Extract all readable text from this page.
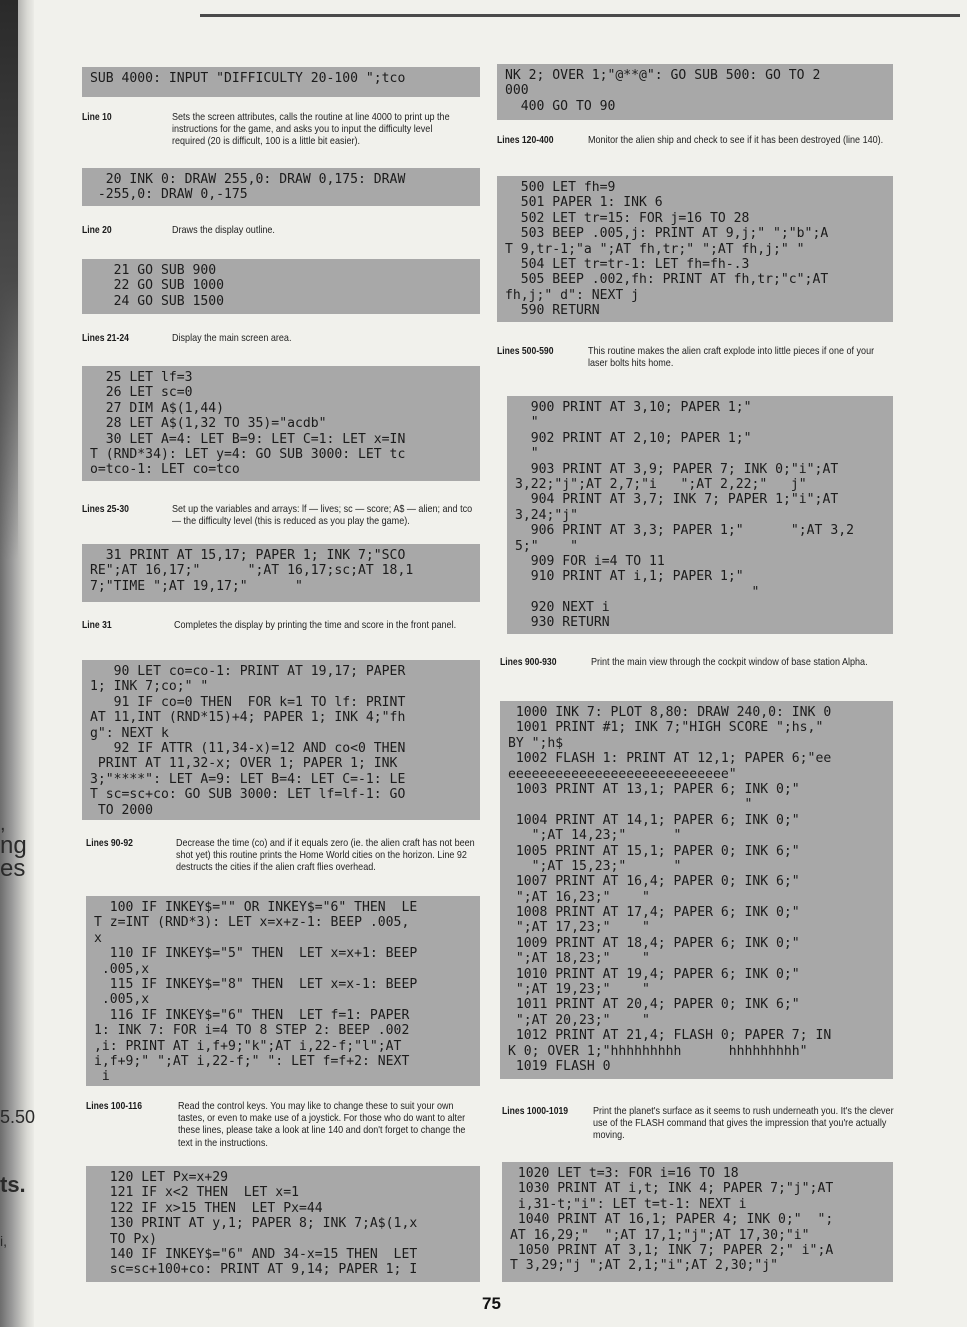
,
ng
es
5.50
ts.
i,
SUB 4000: INPUT "DIFFICULTY 20-100 ";tco
Line 10	Sets the screen attributes, calls the routine at line 4000 to print up the instructions for the game, and asks you to input the difficulty level required (20 is difficult, 100 is a little bit easier).
20 INK 0: DRAW 255,0: DRAW 0,175: DRAW
-255,0: DRAW 0,-175
Line 20	Draws the display outline.
21 GO SUB 900
22 GO SUB 1000
24 GO SUB 1500
Lines 21-24	Display the main screen area.
25 LET lf=3
26 LET sc=0
27 DIM A$(1,44)
28 LET A$(1,32 TO 35)="acdb"
30 LET A=4: LET B=9: LET C=1: LET x=IN
T (RND*34): LET y=4: GO SUB 3000: LET tc
o=tco-1: LET co=tco
Lines 25-30	Set up the variables and arrays: lf — lives; sc — score; A$ — alien; and tco — the difficulty level (this is reduced as you play the game).
31 PRINT AT 15,17; PAPER 1; INK 7;"SCO
RE";AT 16,17;"      ";AT 16,17;sc;AT 18,1
7;"TIME ";AT 19,17;"      "
Line 31	Completes the display by printing the time and score in the front panel.
90 LET co=co-1: PRINT AT 19,17; PAPER
1; INK 7;co;" "
91 IF co=0 THEN  FOR k=1 TO lf: PRINT
AT 11,INT (RND*15)+4; PAPER 1; INK 4;"fh
g": NEXT k
92 IF ATTR (11,34-x)=12 AND co<0 THEN
PRINT AT 11,32-x; OVER 1; PAPER 1; INK
3;"****": LET A=9: LET B=4: LET C=-1: LE
T sc=sc+co: GO SUB 3000: LET lf=lf-1: GO
TO 2000
Lines 90-92	Decrease the time (co) and if it equals zero (ie. the alien craft has not been shot yet) this routine prints the Home World cities on the horizon. Line 92 destructs the cities if the alien craft flies overhead.
100 IF INKEY$="" OR INKEY$="6" THEN  LE
T z=INT (RND*3): LET x=x+z-1: BEEP .005,
x
110 IF INKEY$="5" THEN  LET x=x+1: BEEP
.005,x
115 IF INKEY$="8" THEN  LET x=x-1: BEEP
.005,x
116 IF INKEY$="6" THEN  LET f=1: PAPER
1: INK 7: FOR i=4 TO 8 STEP 2: BEEP .002
,i: PRINT AT i,f+9;"k";AT i,22-f;"l";AT
i,f+9;" ";AT i,22-f;" ": LET f=f+2: NEXT
i
Lines 100-116	Read the control keys. You may like to change these to suit your own tastes, or even to make use of a joystick. For those who do want to alter these lines, please take a look at line 140 and don't forget to change the text in the instructions.
120 LET Px=x+29
121 IF x<2 THEN  LET x=1
122 IF x>15 THEN  LET Px=44
130 PRINT AT y,1; PAPER 8; INK 7;A$(1,x
TO Px)
140 IF INKEY$="6" AND 34-x=15 THEN  LET
sc=sc+100+co: PRINT AT 9,14; PAPER 1; I
NK 2; OVER 1;"@**@": GO SUB 500: GO TO 2
000
400 GO TO 90
Lines 120-400	Monitor the alien ship and check to see if it has been destroyed (line 140).
500 LET fh=9
501 PAPER 1: INK 6
502 LET tr=15: FOR j=16 TO 28
503 BEEP .005,j: PRINT AT 9,j;" ";"b";A
T 9,tr-1;"a ";AT fh,tr;" ";AT fh,j;" "
504 LET tr=tr-1: LET fh=fh-.3
505 BEEP .002,fh: PRINT AT fh,tr;"c";AT
fh,j;" d": NEXT j
590 RETURN
Lines 500-590	This routine makes the alien craft explode into little pieces if one of your laser bolts hits home.
900 PRINT AT 3,10; PAPER 1;"
"
902 PRINT AT 2,10; PAPER 1;"
"
903 PRINT AT 3,9; PAPER 7; INK 0;"i";AT
3,22;"j";AT 2,7;"i   ";AT 2,22;"   j"
904 PRINT AT 3,7; INK 7; PAPER 1;"i";AT
3,24;"j"
906 PRINT AT 3,3; PAPER 1;"      ";AT 3,2
5;"    "
909 FOR i=4 TO 11
910 PRINT AT i,1; PAPER 1;"
"
920 NEXT i
930 RETURN
Lines 900-930	Print the main view through the cockpit window of base station Alpha.
1000 INK 7: PLOT 8,80: DRAW 240,0: INK 0
1001 PRINT #1; INK 7;"HIGH SCORE ";hs,"
BY ";h$
1002 FLASH 1: PRINT AT 12,1; PAPER 6;"ee
eeeeeeeeeeeeeeeeeeeeeeeeeeee"
1003 PRINT AT 13,1; PAPER 6; INK 0;"
"
1004 PRINT AT 14,1; PAPER 6; INK 0;"
";AT 14,23;"      "
1005 PRINT AT 15,1; PAPER 0; INK 6;"
";AT 15,23;"      "
1007 PRINT AT 16,4; PAPER 0; INK 6;"
";AT 16,23;"    "
1008 PRINT AT 17,4; PAPER 6; INK 0;"
";AT 17,23;"    "
1009 PRINT AT 18,4; PAPER 6; INK 0;"
";AT 18,23;"    "
1010 PRINT AT 19,4; PAPER 6; INK 0;"
";AT 19,23;"    "
1011 PRINT AT 20,4; PAPER 0; INK 6;"
";AT 20,23;"    "
1012 PRINT AT 21,4; FLASH 0; PAPER 7; IN
K 0; OVER 1;"hhhhhhhhh      hhhhhhhhh"
1019 FLASH 0
Lines 1000-1019	Print the planet's surface as it seems to rush underneath you. It's the clever use of the FLASH command that gives the impression that you're actually moving.
1020 LET t=3: FOR i=16 TO 18
1030 PRINT AT i,t; INK 4; PAPER 7;"j";AT
i,31-t;"i": LET t=t-1: NEXT i
1040 PRINT AT 16,1; PAPER 4; INK 0;"  ";
AT 16,29;"  ";AT 17,1;"j";AT 17,30;"i"
1050 PRINT AT 3,1; INK 7; PAPER 2;" i";A
T 3,29;"j ";AT 2,1;"i";AT 2,30;"j"
75
